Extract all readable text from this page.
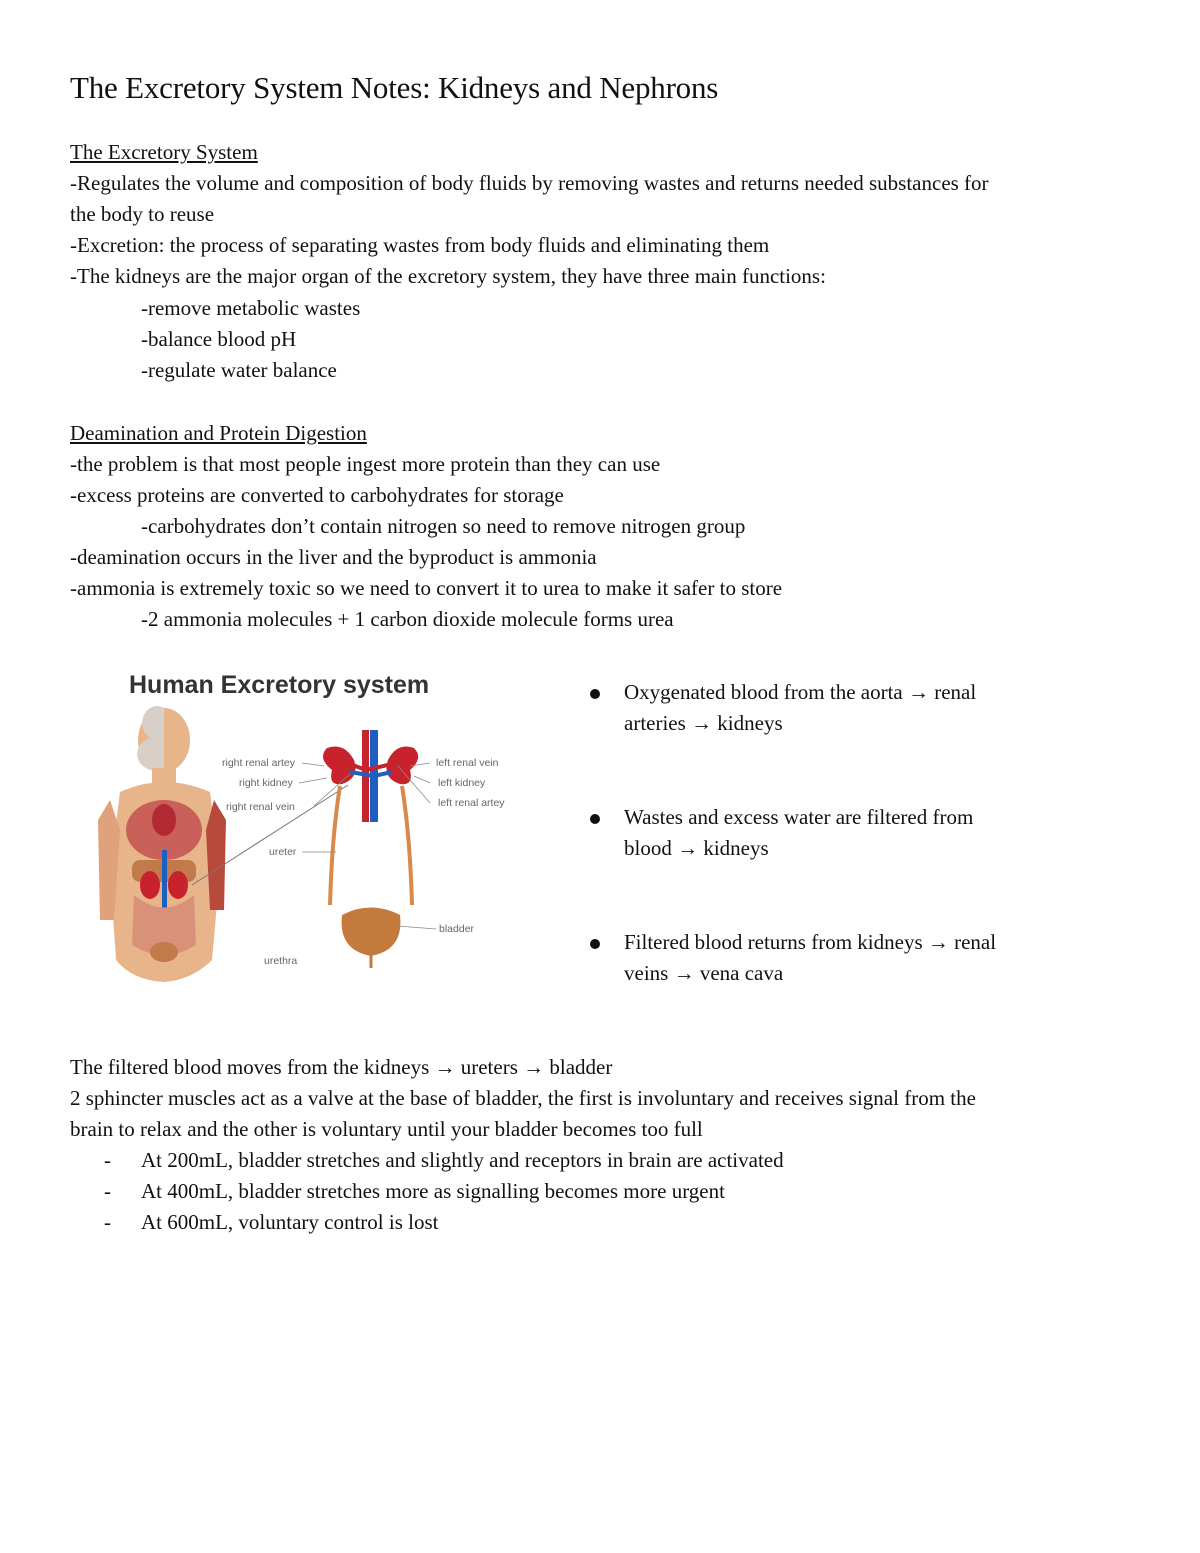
The Excretory System Notes: Kidneys and Nephrons
The Excretory System
-Regulates the volume and composition of body fluids by removing wastes and returns needed substances for
the body to reuse
-Excretion: the process of separating wastes from body fluids and eliminating them
-The kidneys are the major organ of the excretory system, they have three main functions:
-remove metabolic wastes
-balance blood pH
-regulate water balance
Deamination and Protein Digestion
-the problem is that most people ingest more protein than they can use
-excess proteins are converted to carbohydrates for storage
-carbohydrates don’t contain nitrogen so need to remove nitrogen group
-deamination occurs in the liver and the byproduct is ammonia
-ammonia is extremely toxic so we need to convert it to urea to make it safer to store
-2 ammonia molecules + 1 carbon dioxide molecule forms urea
Human Excretory system
right renal artey
right kidney
right renal vein
ureter
left renal vein
left kidney
left renal artey
bladder
urethra
Oxygenated blood from the aorta → renal
arteries → kidneys
Wastes and excess water are filtered from
blood → kidneys
Filtered blood returns from kidneys → renal
veins → vena cava
The filtered blood moves from the kidneys → ureters → bladder
2 sphincter muscles act as a valve at the base of bladder, the first is involuntary and receives signal from the
brain to relax and the other is voluntary until your bladder becomes too full
- At 200mL, bladder stretches and slightly and receptors in brain are activated
- At 400mL, bladder stretches more as signalling becomes more urgent
- At 600mL, voluntary control is lost
